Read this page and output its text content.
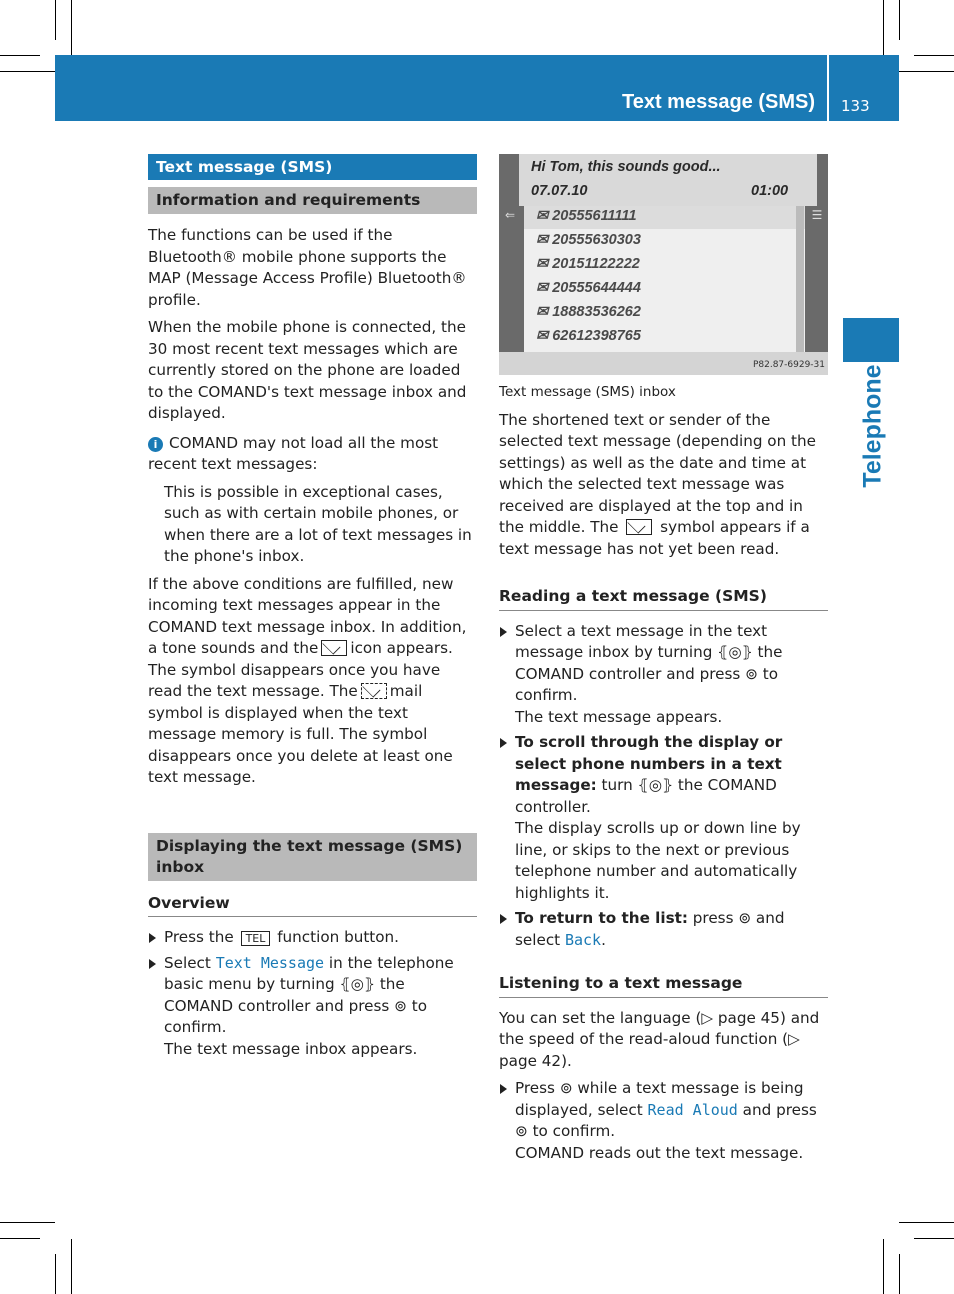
Text message (SMS) 133
Telephone
Text message (SMS)
Information and requirements

The functions can be used if the Bluetooth® mobile phone supports the MAP (Message Access Profile) Bluetooth® profile.

When the mobile phone is connected, the 30 most recent text messages which are currently stored on the phone are loaded to the COMAND's text message inbox and displayed.

i COMAND may not load all the most recent text messages:

This is possible in exceptional cases, such as with certain mobile phones, or when there are a lot of text messages in the phone's inbox.

If the above conditions are fulfilled, new incoming text messages appear in the COMAND text message inbox. In addition, a tone sounds and the icon appears. The symbol disappears once you have read the text message. The mail symbol is displayed when the text message memory is full. The symbol disappears once you delete at least one text message.

Displaying the text message (SMS) inbox
Overview
Press the TEL function button.
Select Text Message in the telephone basic menu by turning ⦃◎⦄ the COMAND controller and press ⊚ to confirm.
The text message inbox appears.
Hi Tom, this sounds good...
07.07.10	01:00
⇐	☰
✉ 20555611111
✉ 20555630303
✉ 20151122222
✉ 20555644444
✉ 18883536262
✉ 62612398765
P82.87-6929-31
Text message (SMS) inbox

The shortened text or sender of the selected text message (depending on the settings) as well as the date and time at which the selected text message was received are displayed at the top and in the middle. The	symbol appears if a text message has not yet been read.

Reading a text message (SMS)
Select a text message in the text message inbox by turning ⦃◎⦄ the COMAND controller and press ⊚ to confirm.
The text message appears.
To scroll through the display or select phone numbers in a text message: turn ⦃◎⦄ the COMAND controller.
The display scrolls up or down line by line, or skips to the next or previous telephone number and automatically highlights it.
To return to the list: press ⊚ and select Back.
Listening to a text message

You can set the language (▷ page 45) and the speed of the read-aloud function (▷ page 42).

Press ⊚ while a text message is being displayed, select Read Aloud and press ⊚ to confirm.
COMAND reads out the text message.
